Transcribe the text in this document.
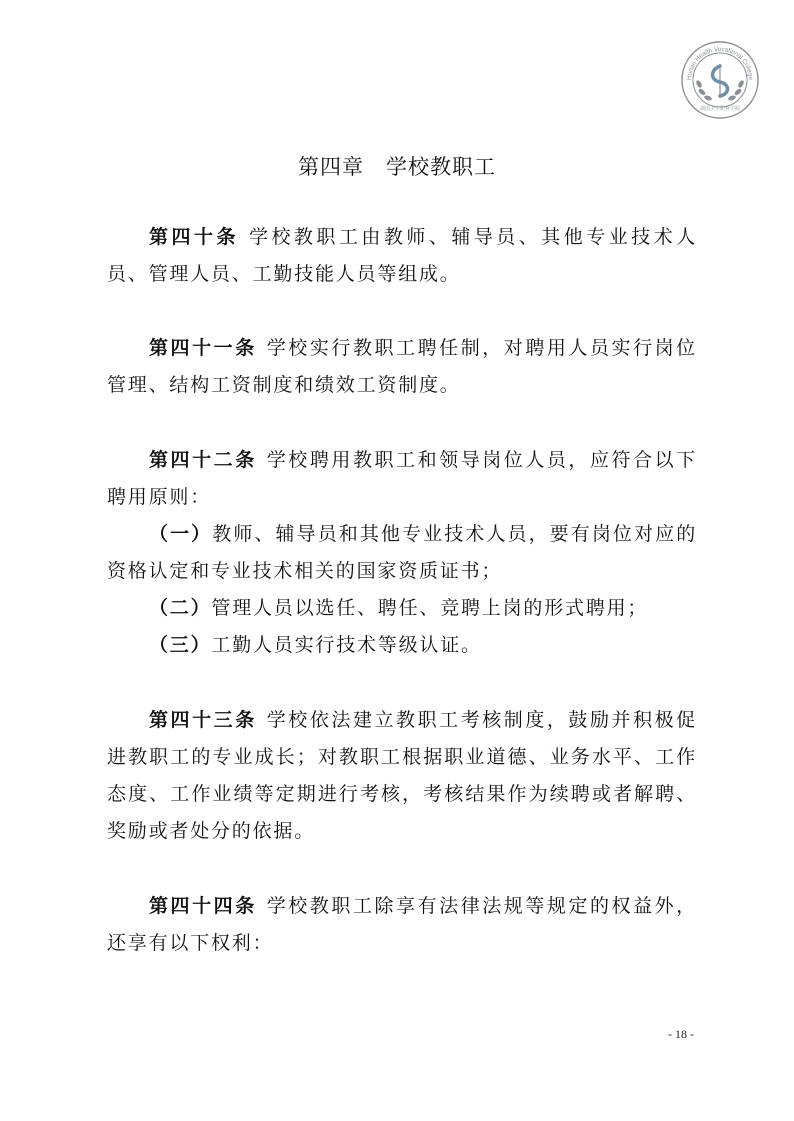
Hunan Health Vocational College
湖南卫生职业学院
第四章　学校教职工
第四十条 学校教职工由教师、辅导员、其他专业技术人员、管理人员、工勤技能人员等组成。
第四十一条 学校实行教职工聘任制，对聘用人员实行岗位管理、结构工资制度和绩效工资制度。
第四十二条 学校聘用教职工和领导岗位人员，应符合以下聘用原则：
（一）教师、辅导员和其他专业技术人员，要有岗位对应的资格认定和专业技术相关的国家资质证书；
（二）管理人员以选任、聘任、竞聘上岗的形式聘用；
（三）工勤人员实行技术等级认证。
第四十三条 学校依法建立教职工考核制度，鼓励并积极促进教职工的专业成长；对教职工根据职业道德、业务水平、工作态度、工作业绩等定期进行考核，考核结果作为续聘或者解聘、奖励或者处分的依据。
第四十四条 学校教职工除享有法律法规等规定的权益外，还享有以下权利：
- 18 -
